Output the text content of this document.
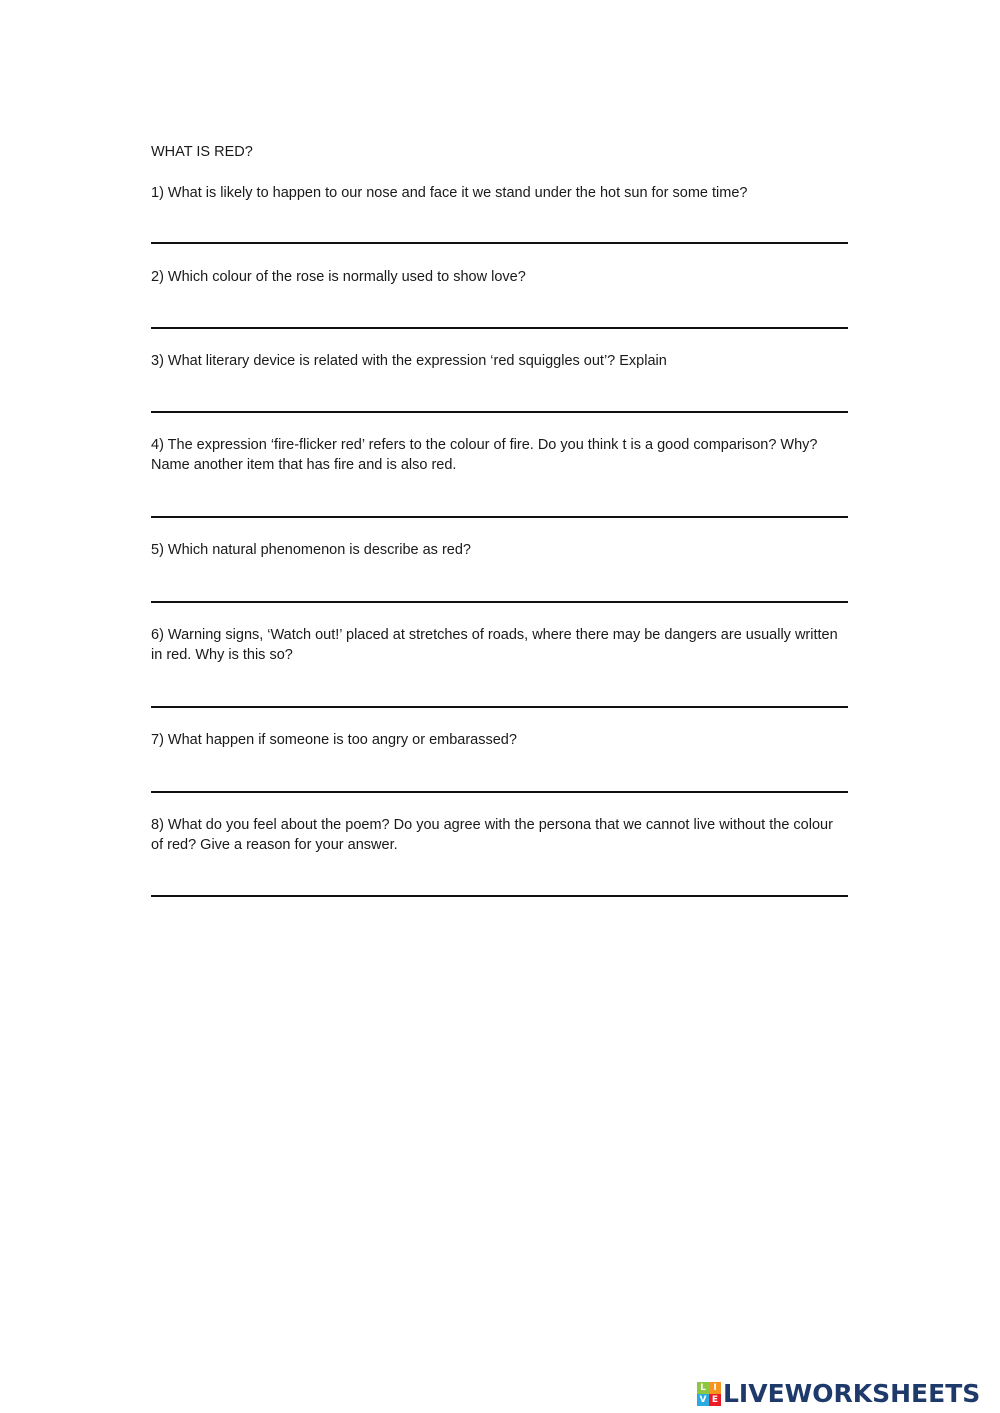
WHAT IS RED?

1) What is likely to happen to our nose and face it we stand under the hot sun for some time?

2) Which colour of the rose is normally used to show love?

3) What literary device is related with the expression ‘red squiggles out’? Explain

4) The expression ‘fire-flicker red’ refers to the colour of fire. Do you think t is a good comparison? Why? Name another item that has fire and is also red.

5) Which natural phenomenon is describe as red?

6) Warning signs, ‘Watch out!’ placed at stretches of roads, where there may be dangers are usually written in red. Why is this so?

7) What happen if someone is too angry or embarassed?

8) What do you feel about the poem? Do you agree with the persona that we cannot live without the colour of red? Give a reason for your answer.

L I
V E LIVEWORKSHEETS
